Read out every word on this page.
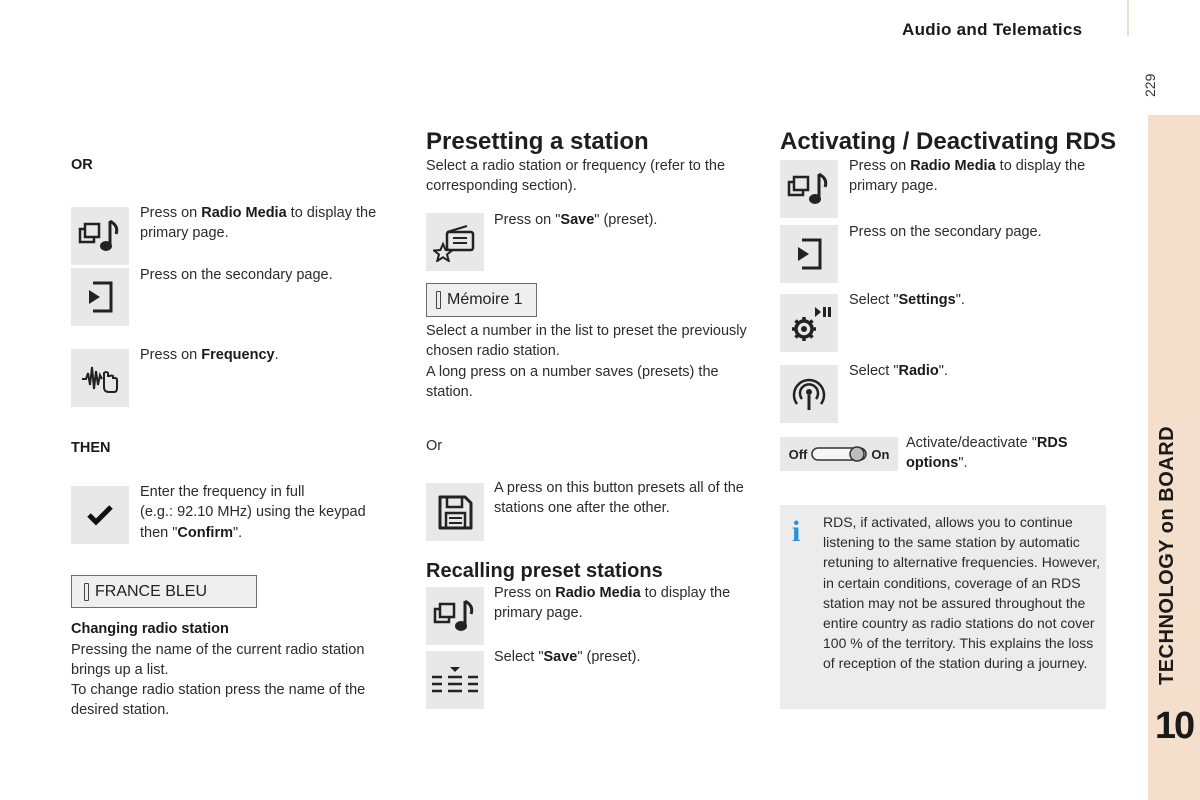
Audio and Telematics
229
TECHNOLOGY on BOARD
10
OR
Press on Radio Media to display the primary page.
Press on the secondary page.
Press on Frequency.
THEN
Enter the frequency in full
(e.g.: 92.10 MHz) using the keypad
then "Confirm".
FRANCE BLEU
Changing radio station
Pressing the name of the current radio station brings up a list.
To change radio station press the name of the desired station.
Presetting a station
Select a radio station or frequency (refer to the corresponding section).
Press on "Save" (preset).
Mémoire 1
Select a number in the list to preset the previously chosen radio station.
A long press on a number saves (presets) the station.
Or
A press on this button presets all of the stations one after the other.
Recalling preset stations
Press on Radio Media to display the primary page.
Select "Save" (preset).
Activating / Deactivating RDS
Press on Radio Media to display the primary page.
Press on the secondary page.
Select "Settings".
Select "Radio".
Off	On
Activate/deactivate "RDS options".
i RDS, if activated, allows you to continue listening to the same station by automatic retuning to alternative frequencies. However, in certain conditions, coverage of an RDS station may not be assured throughout the entire country as radio stations do not cover 100 % of the territory. This explains the loss of reception of the station during a journey.
